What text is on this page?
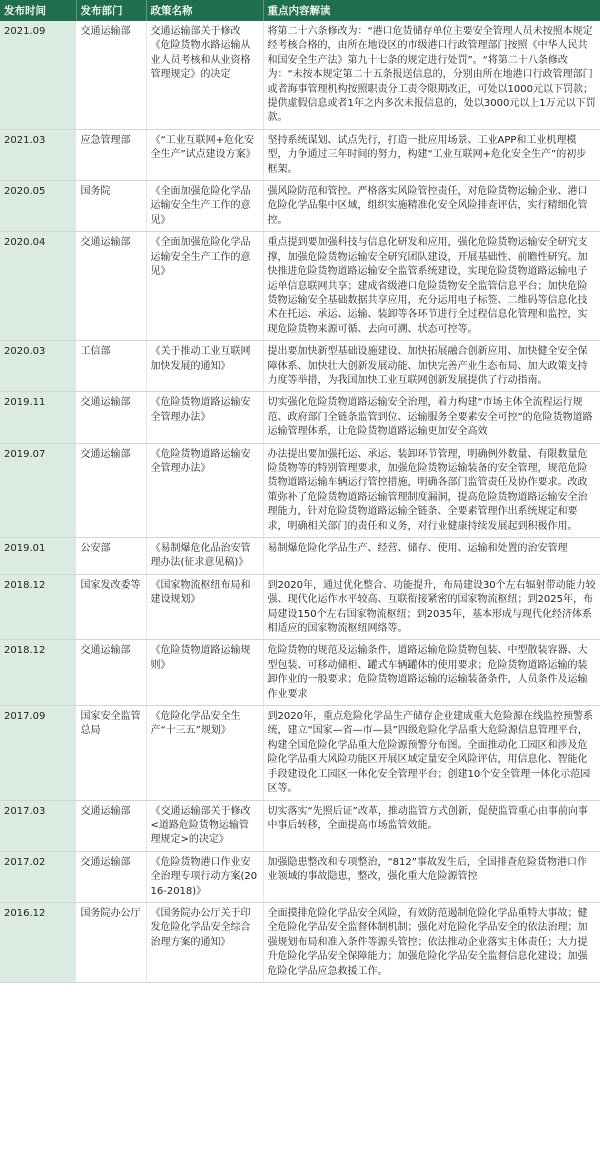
发布时间	发布部门	政策名称	重点内容解读
2021.09	交通运输部	交通运输部关于修改《危险货物水路运输从业人员考核和从业资格管理规定》的决定	将第二十六条修改为：“港口危货储存单位主要安全管理人员未按照本规定经考核合格的，由所在地设区的市级港口行政管理部门按照《中华人民共和国安全生产法》第九十七条的规定进行处罚”。“将第二十八条修改为：“未按本规定第二十五条报送信息的，分别由所在地港口行政管理部门或者海事管理机构按照职责分工责令限期改正，可处以1000元以下罚款；提供虚假信息或者1年之内多次未报信息的，处以3000元以上1万元以下罚款。
2021.03	应急管理部	《“工业互联网+危化安全生产”试点建设方案》	坚持系统谋划、试点先行，打造一批应用场景、工业APP和工业机理模型，力争通过三年时间的努力，构建“工业互联网+危化安全生产”的初步框架。
2020.05	国务院	《全面加强危险化学品运输安全生产工作的意见》	强风险防范和管控。严格落实风险管控责任，对危险货物运输企业、港口危险化学品集中区域，组织实施精准化安全风险排查评估，实行精细化管控。
2020.04	交通运输部	《全面加强危险化学品运输安全生产工作的意见》	重点提到要加强科技与信息化研发和应用，强化危险货物运输安全研究支撑，加强危险货物运输安全研究团队建设，开展基础性、前瞻性研究。加快推进危险货物道路运输安全监管系统建设，实现危险货物道路运输电子运单信息联网共享；建成省级港口危险货物安全监管信息平台；加快危险货物运输安全基础数据共享应用，充分运用电子标签、二维码等信息化技术在托运、承运、运输、装卸等各环节进行全过程信息化管理和监控，实现危险货物来源可循、去向可溯、状态可控等。
2020.03	工信部	《关于推动工业互联网加快发展的通知》	提出要加快新型基础设施建设、加快拓展融合创新应用、加快健全安全保障体系、加快壮大创新发展动能、加快完善产业生态布局、加大政策支持力度等举措，为我国加快工业互联网创新发展提供了行动指南。
2019.11	交通运输部	《危险货物道路运输安全管理办法》	切实强化危险货物道路运输安全治理，着力构建“市场主体全流程运行规范、政府部门全链条监管到位、运输服务全要素安全可控”的危险货物道路运输管理体系，让危险货物道路运输更加安全高效
2019.07	交通运输部	《危险货物道路运输安全管理办法》	办法提出要加强托运、承运、装卸环节管理，明确例外数量、有限数量危险货物等的特别管理要求，加强危险货物运输装备的安全管理，规范危险货物道路运输车辆运行管控措施，明确各部门监管责任及协作要求。改政策弥补了危险货物道路运输管理制度漏洞，提高危险货物道路运输安全治理能力，针对危险货物道路运输全链条、全要素管理作出系统规定和要求，明确相关部门的责任和义务，对行业健康持续发展起到积极作用。
2019.01	公安部	《易制爆危化品治安管理办法(征求意见稿)》	易制爆危险化学品生产、经营、储存、使用、运输和处置的治安管理
2018.12	国家发改委等	《国家物流枢纽布局和建设规划》	到2020年，通过优化整合、功能提升，布局建设30个左右辐射带动能力较强、现代化运作水平较高、互联衔接紧密的国家物流枢纽；到2025年，布局建设150个左右国家物流枢纽；到2035年，基本形成与现代化经济体系相适应的国家物流枢纽网络等。
2018.12	交通运输部	《危险货物道路运输规则》	危险货物的规范及运输条件，道路运输危险货物包装、中型散装容器、大型包装、可移动储柜、罐式车辆罐体的使用要求；危险货物道路运输的装卸作业的一般要求；危险货物道路运输的运输装备条件，人员条件及运输作业要求
2017.09	国家安全监管总局	《危险化学品安全生产“十三五”规划》	到2020年，重点危险化学品生产储存企业建成重大危险源在线监控预警系统，建立“国家—省—市—县”四级危险化学品重大危险源信息管理平台，构建全国危险化学品重大危险源预警分布图。全面推动化工园区和涉及危险化学品重大风险功能区开展区域定量安全风险评估，用信息化、智能化手段建设化工园区一体化安全管理平台；创建10个安全管理一体化示范园区等。
2017.03	交通运输部	《交通运输部关于修改<道路危险货物运输管理规定>的决定》	切实落实“先照后证”改革，推动监管方式创新，促使监管重心由事前向事中事后转移，全面提高市场监管效能。
2017.02	交通运输部	《危险货物港口作业安全治理专项行动方案(2016-2018)》	加强隐患整改和专项整治，“812”事故发生后，全国排查危险货物港口作业领域的事故隐患，整改，强化重大危险源管控
2016.12	国务院办公厅	《国务院办公厅关于印发危险化学品安全综合治理方案的通知》	全面摸排危险化学品安全风险，有效防范遏制危险化学品重特大事故；健全危险化学品安全监督体制机制；强化对危险化学品安全的依法治理；加强规划布局和准入条件等源头管控；依法推动企业落实主体责任；大力提升危险化学品安全保障能力；加强危险化学品安全监督信息化建设；加强危险化学品应急救援工作。
